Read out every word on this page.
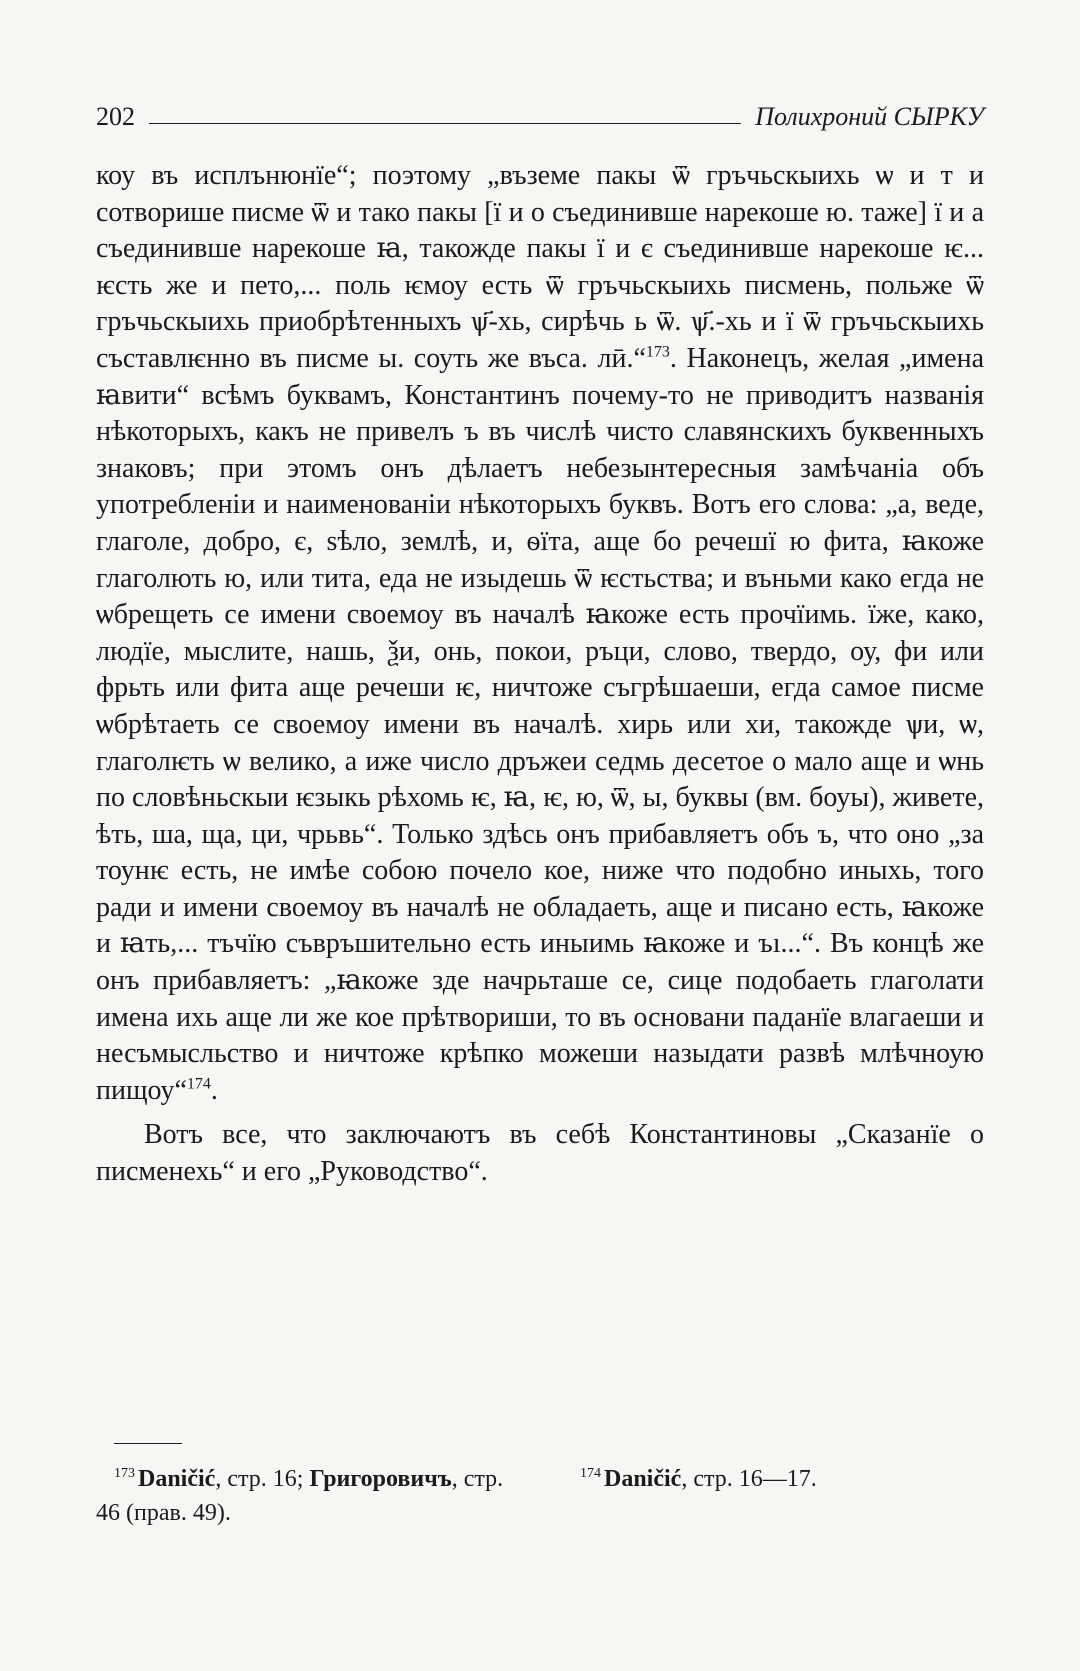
202	Полихроний СЫРКУ

коу въ исплънюнїе“; поэтому „въземе пакы ѿ гръчьскыихь ѡ и т и сотворише писме ѿ и тако пакы [ї и о съединивше нарекоше ю. таже] ї и а съединивше нарекоше ꙗ, такожде пакы ї и є съединивше нарекоше ѥ... ѥсть же и пето,... поль ѥмоу есть ѿ гръчьскыихь писмень, польже ѿ гръчьскыихь приобрѣтенныхъ ѱ҃-хь, сирѣчь ь ѿ. ѱ҃.-хь и ї ѿ гръчьскыихь съставлѥнно въ писме ы. соуть же въса. лӣ.“$^{173}$. Наконецъ, желая „имена ꙗвити“ всѣмъ буквамъ, Константинъ почему-то не приводитъ названія нѣкоторыхъ, какъ не привелъ ъ въ числѣ чисто славянскихъ буквенныхъ знаковъ; при этомъ онъ дѣлаетъ небезынтересныя замѣчаніа объ употребленіи и наименованіи нѣкоторыхъ буквъ. Вотъ его слова: „а, веде, глаголе, добро, є, ѕѣло, землѣ, и, ѳїта, аще бо речешї ю фита, ꙗкоже глаголють ю, или тита, еда не изыдешь ѿ ѥстьства; и въньми како егда не ѡбрещеть се имени своемоу въ началѣ ꙗкоже есть прочїимь. їже, како, людїе, мыслите, нашь, ѯи, онь, покои, ръци, слово, твердо, оу, фи или фрьть или фита аще речеши ѥ, ничтоже съгрѣшаеши, егда самое писме ѡбрѣтаеть се своемоу имени въ началѣ. хирь или хи, такожде ѱи, ѡ, глаголѥть ѡ велико, а иже число дръжеи седмь десетое о мало аще и ѡнь по словѣньскыи ѥзыкь рѣхомь ѥ, ꙗ, ѥ, ю, ѿ, ы, буквы (вм. боуы), живете, ѣть, ша, ща, ци, чрьвь“. Только здѣсь онъ прибавляетъ объ ъ, что оно „за тоунѥ есть, не имѣе собою почело кое, ниже что подобно иныхь, того ради и имени своемоу въ началѣ не обладаеть, аще и писано есть, ꙗкоже и ꙗть,... тъчїю съвръшительно есть иныимь ꙗкоже и ъı...“. Въ концѣ же онъ прибавляетъ: „ꙗкоже зде начрьташе се, сице подобаеть глаголати имена ихь аще ли же кое прѣтвориши, то въ основани паданїе влагаеши и несъмысльство и ничтоже крѣпко можеши назыдати развѣ млѣчноую пищоу“$^{174}$.

Вотъ все, что заключаютъ въ себѣ Константиновы „Сказанїе о писменехь“ и его „Руководство“.

$^{173}$ Daničić, стр. 16; Григоровичъ, стр. 46 (прав. 49).
$^{174}$ Daničić, стр. 16—17.
